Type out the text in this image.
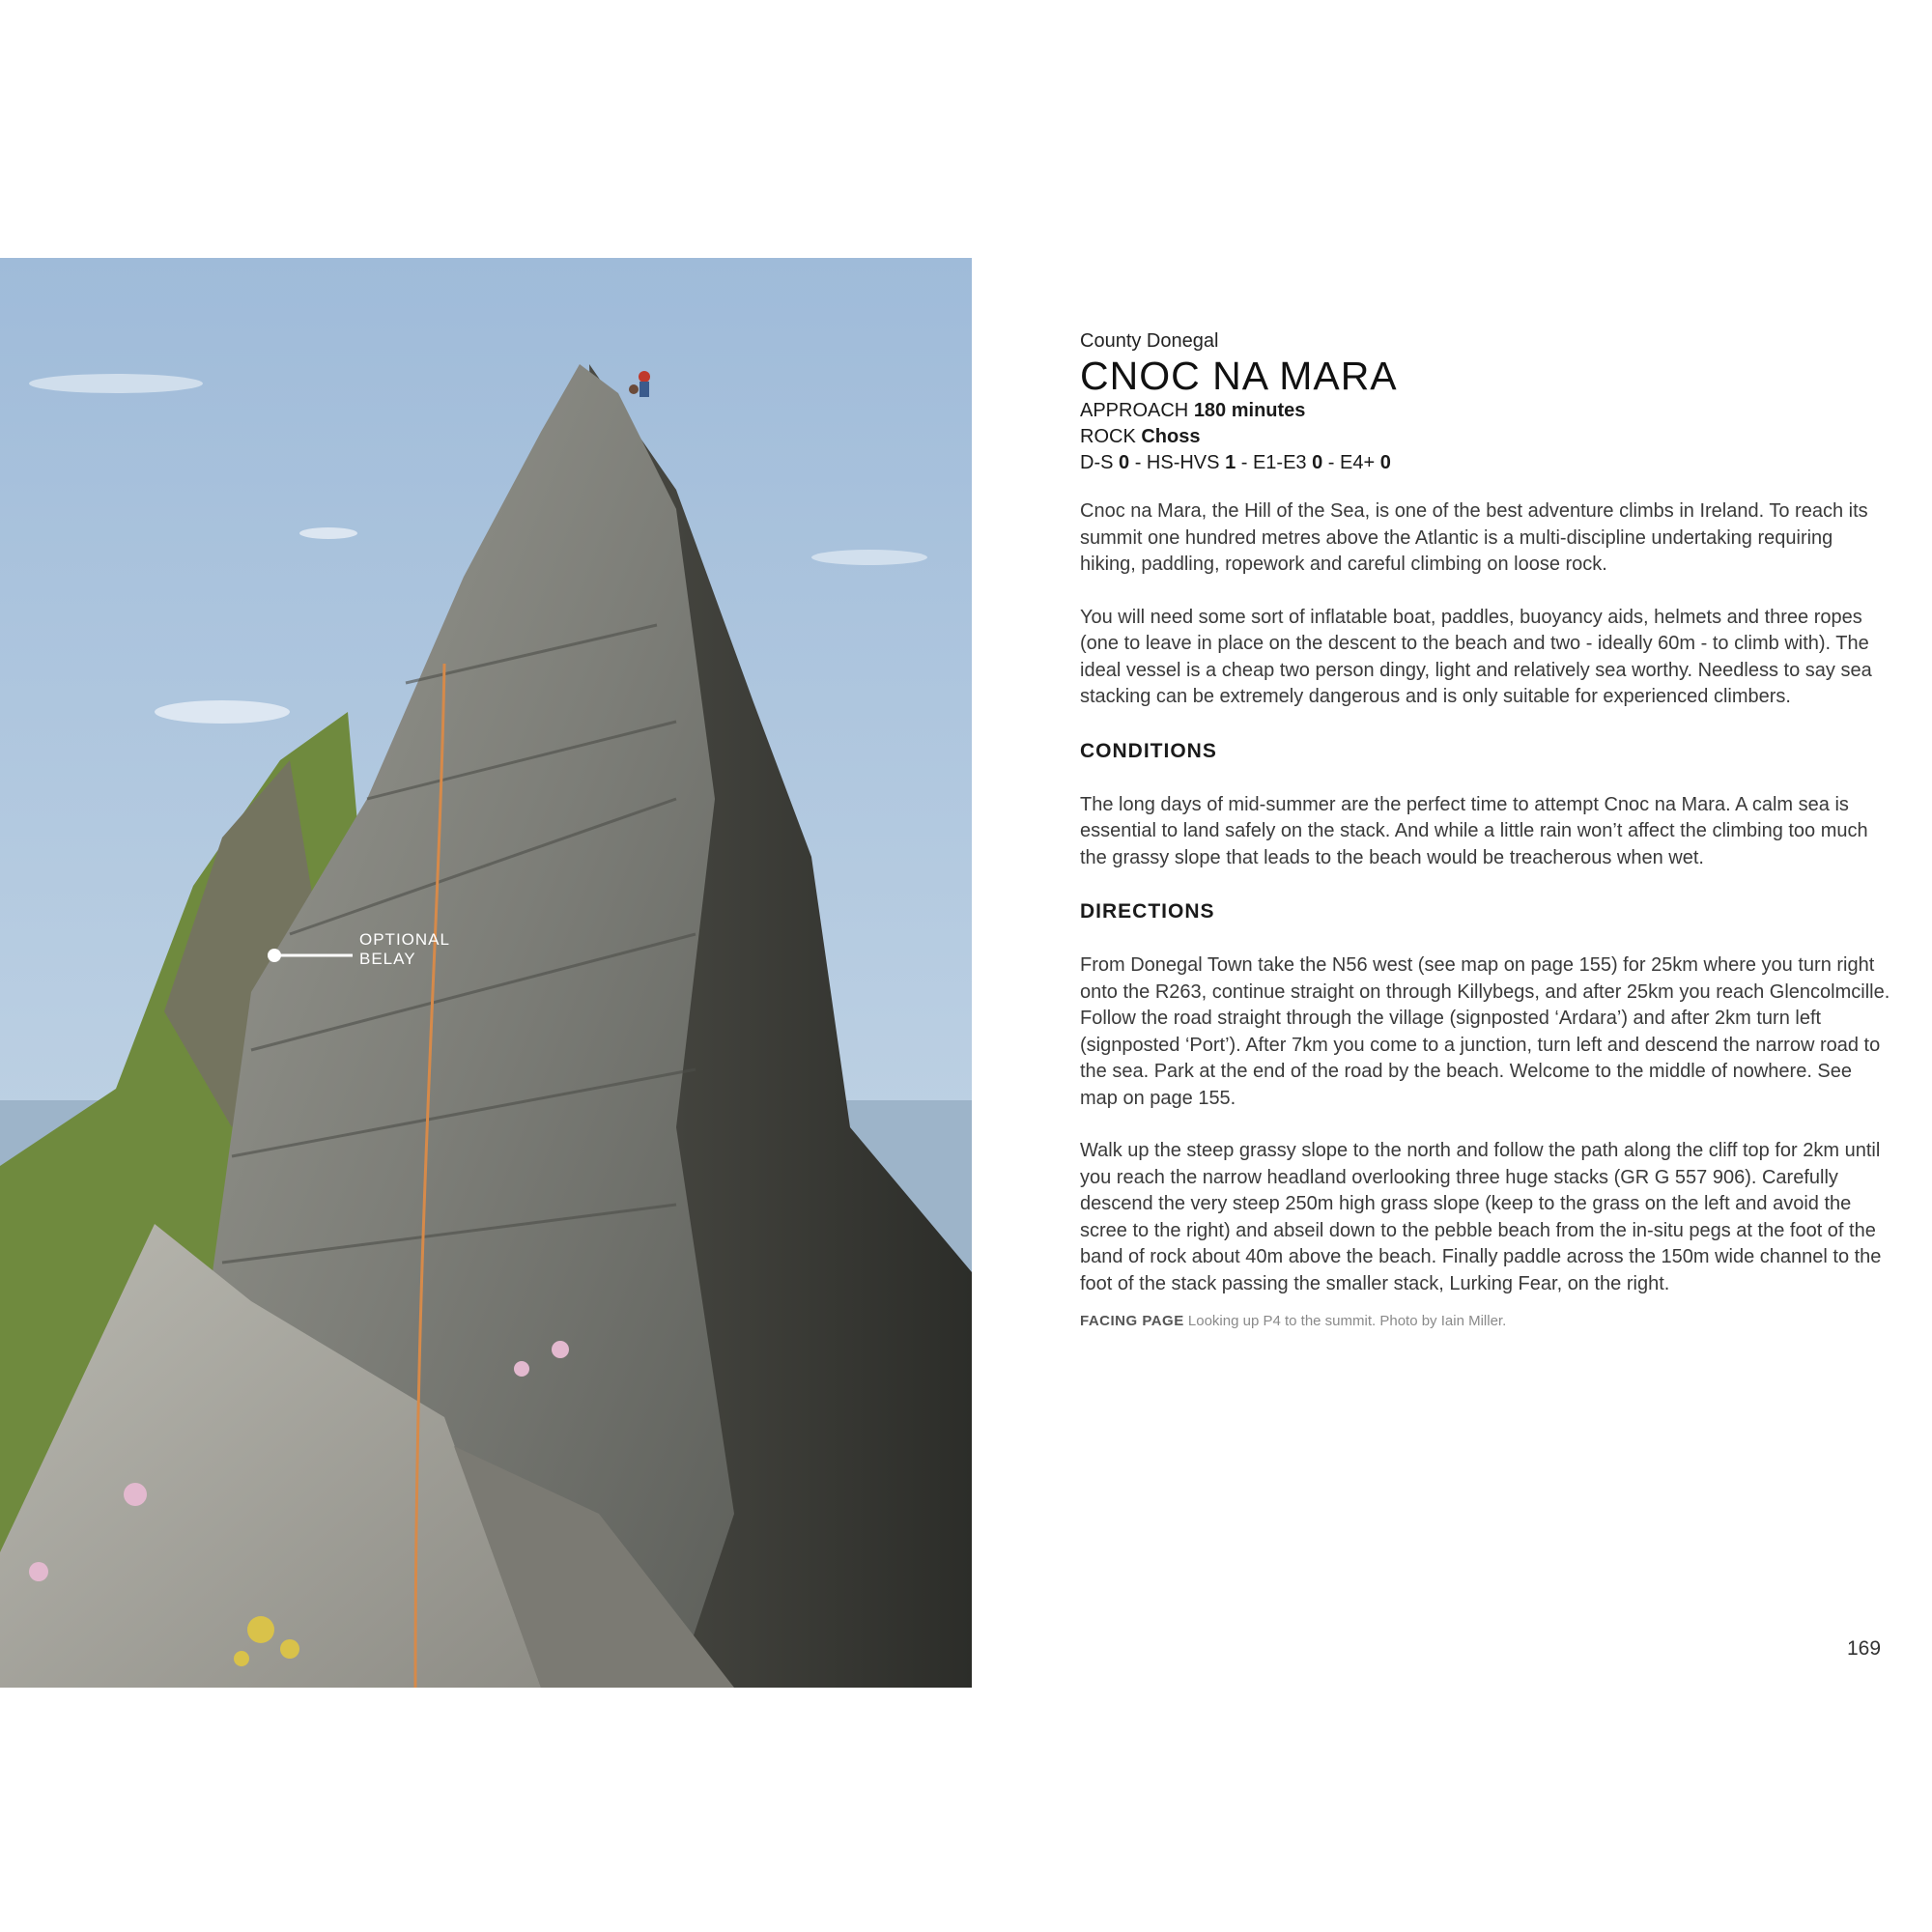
OPTIONAL
BELAY
County Donegal
CNOC NA MARA
APPROACH 180 minutes
ROCK Choss
D-S 0 - HS-HVS 1 - E1-E3 0 - E4+ 0

Cnoc na Mara, the Hill of the Sea, is one of the best adventure climbs in Ireland. To reach its summit one hundred metres above the Atlantic is a multi-discipline undertaking requiring hiking, paddling, ropework and careful climbing on loose rock.

You will need some sort of inflatable boat, paddles, buoyancy aids, helmets and three ropes (one to leave in place on the descent to the beach and two - ideally 60m - to climb with). The ideal vessel is a cheap two person dingy, light and relatively sea worthy. Needless to say sea stacking can be extremely dangerous and is only suitable for experienced climbers.

CONDITIONS

The long days of mid-summer are the perfect time to attempt Cnoc na Mara. A calm sea is essential to land safely on the stack. And while a little rain won’t affect the climbing too much the grassy slope that leads to the beach would be treacherous when wet.

DIRECTIONS

From Donegal Town take the N56 west (see map on page 155) for 25km where you turn right onto the R263, continue straight on through Killybegs, and after 25km you reach Glencolmcille. Follow the road straight through the village (signposted ‘Ardara’) and after 2km turn left (signposted ‘Port’). After 7km you come to a junction, turn left and descend the narrow road to the sea. Park at the end of the road by the beach. Welcome to the middle of nowhere. See map on page 155.

Walk up the steep grassy slope to the north and follow the path along the cliff top for 2km until you reach the narrow headland overlooking three huge stacks (GR G 557 906). Carefully descend the very steep 250m high grass slope (keep to the grass on the left and avoid the scree to the right) and abseil down to the pebble beach from the in-situ pegs at the foot of the band of rock about 40m above the beach. Finally paddle across the 150m wide channel to the foot of the stack passing the smaller stack, Lurking Fear, on the right.

FACING PAGE Looking up P4 to the summit. Photo by Iain Miller.
169
